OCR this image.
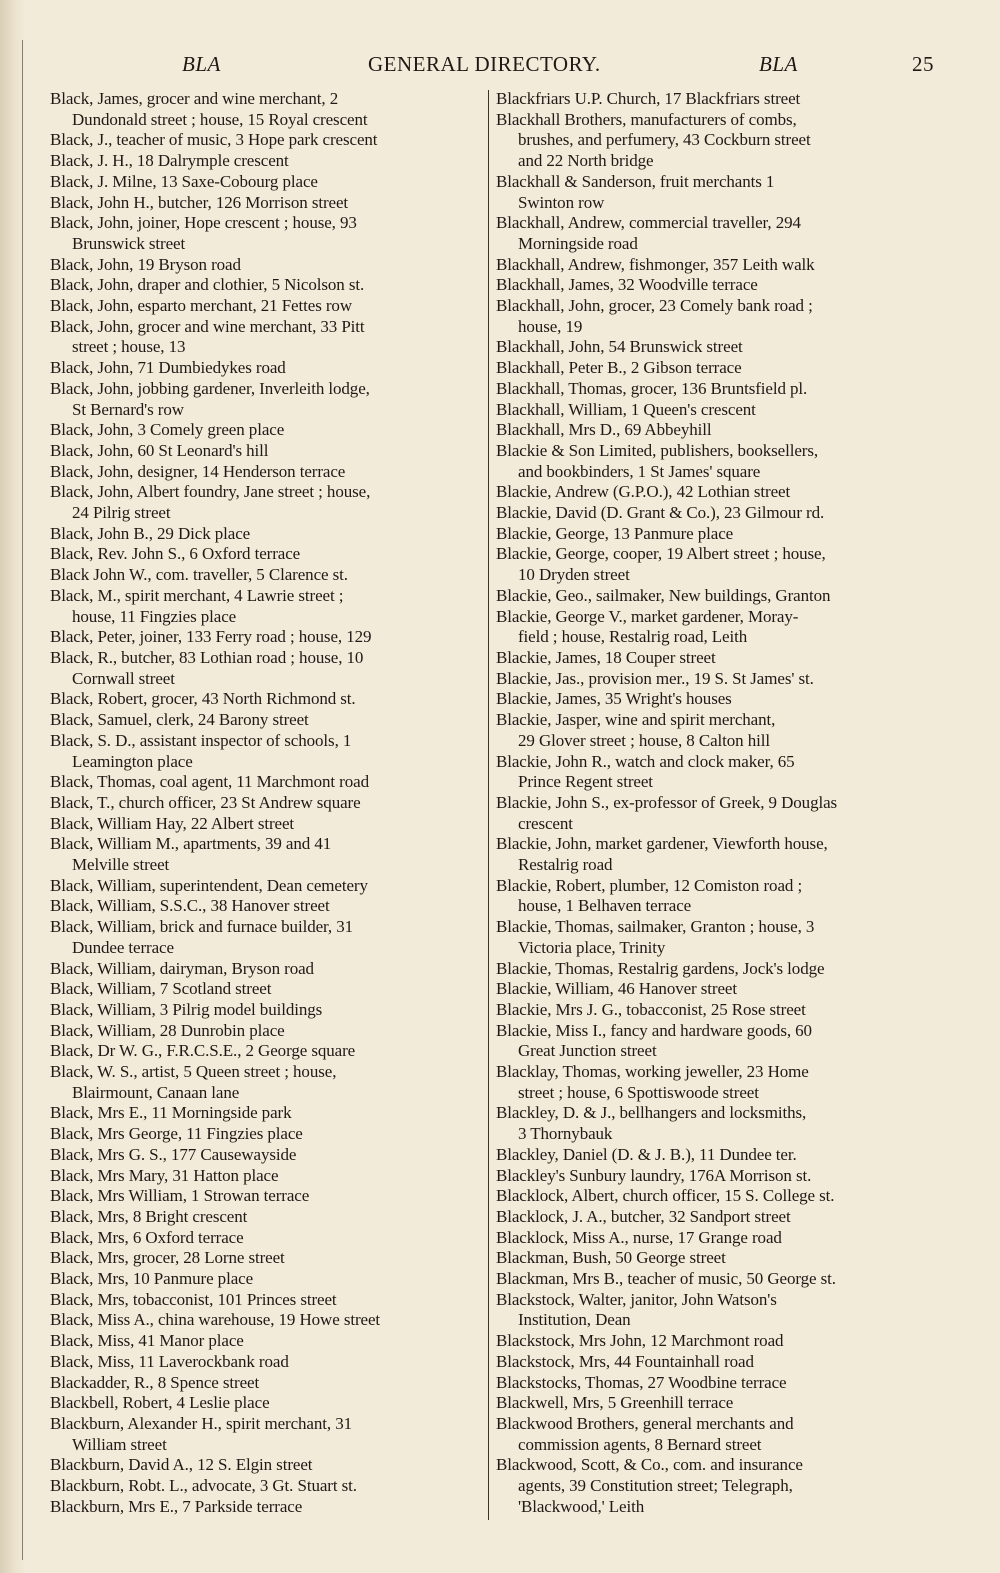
BLA	GENERAL DIRECTORY.	BLA	25
Black, James, grocer and wine merchant, 2
Dundonald street ; house, 15 Royal crescent
Black, J., teacher of music, 3 Hope park crescent
Black, J. H., 18 Dalrymple crescent
Black, J. Milne, 13 Saxe-Cobourg place
Black, John H., butcher, 126 Morrison street
Black, John, joiner, Hope crescent ; house, 93
Brunswick street
Black, John, 19 Bryson road
Black, John, draper and clothier, 5 Nicolson st.
Black, John, esparto merchant, 21 Fettes row
Black, John, grocer and wine merchant, 33 Pitt
street ; house, 13
Black, John, 71 Dumbiedykes road
Black, John, jobbing gardener, Inverleith lodge,
St Bernard's row
Black, John, 3 Comely green place
Black, John, 60 St Leonard's hill
Black, John, designer, 14 Henderson terrace
Black, John, Albert foundry, Jane street ; house,
24 Pilrig street
Black, John B., 29 Dick place
Black, Rev. John S., 6 Oxford terrace
Black John W., com. traveller, 5 Clarence st.
Black, M., spirit merchant, 4 Lawrie street ;
house, 11 Fingzies place
Black, Peter, joiner, 133 Ferry road ; house, 129
Black, R., butcher, 83 Lothian road ; house, 10
Cornwall street
Black, Robert, grocer, 43 North Richmond st.
Black, Samuel, clerk, 24 Barony street
Black, S. D., assistant inspector of schools, 1
Leamington place
Black, Thomas, coal agent, 11 Marchmont road
Black, T., church officer, 23 St Andrew square
Black, William Hay, 22 Albert street
Black, William M., apartments, 39 and 41
Melville street
Black, William, superintendent, Dean cemetery
Black, William, S.S.C., 38 Hanover street
Black, William, brick and furnace builder, 31
Dundee terrace
Black, William, dairyman, Bryson road
Black, William, 7 Scotland street
Black, William, 3 Pilrig model buildings
Black, William, 28 Dunrobin place
Black, Dr W. G., F.R.C.S.E., 2 George square
Black, W. S., artist, 5 Queen street ; house,
Blairmount, Canaan lane
Black, Mrs E., 11 Morningside park
Black, Mrs George, 11 Fingzies place
Black, Mrs G. S., 177 Causewayside
Black, Mrs Mary, 31 Hatton place
Black, Mrs William, 1 Strowan terrace
Black, Mrs, 8 Bright crescent
Black, Mrs, 6 Oxford terrace
Black, Mrs, grocer, 28 Lorne street
Black, Mrs, 10 Panmure place
Black, Mrs, tobacconist, 101 Princes street
Black, Miss A., china warehouse, 19 Howe street
Black, Miss, 41 Manor place
Black, Miss, 11 Laverockbank road
Blackadder, R., 8 Spence street
Blackbell, Robert, 4 Leslie place
Blackburn, Alexander H., spirit merchant, 31
William street
Blackburn, David A., 12 S. Elgin street
Blackburn, Robt. L., advocate, 3 Gt. Stuart st.
Blackburn, Mrs E., 7 Parkside terrace
Blackfriars U.P. Church, 17 Blackfriars street
Blackhall Brothers, manufacturers of combs,
brushes, and perfumery, 43 Cockburn street
and 22 North bridge
Blackhall & Sanderson, fruit merchants 1
Swinton row
Blackhall, Andrew, commercial traveller, 294
Morningside road
Blackhall, Andrew, fishmonger, 357 Leith walk
Blackhall, James, 32 Woodville terrace
Blackhall, John, grocer, 23 Comely bank road ;
house, 19
Blackhall, John, 54 Brunswick street
Blackhall, Peter B., 2 Gibson terrace
Blackhall, Thomas, grocer, 136 Bruntsfield pl.
Blackhall, William, 1 Queen's crescent
Blackhall, Mrs D., 69 Abbeyhill
Blackie & Son Limited, publishers, booksellers,
and bookbinders, 1 St James' square
Blackie, Andrew (G.P.O.), 42 Lothian street
Blackie, David (D. Grant & Co.), 23 Gilmour rd.
Blackie, George, 13 Panmure place
Blackie, George, cooper, 19 Albert street ; house,
10 Dryden street
Blackie, Geo., sailmaker, New buildings, Granton
Blackie, George V., market gardener, Moray-
field ; house, Restalrig road, Leith
Blackie, James, 18 Couper street
Blackie, Jas., provision mer., 19 S. St James' st.
Blackie, James, 35 Wright's houses
Blackie, Jasper, wine and spirit merchant,
29 Glover street ; house, 8 Calton hill
Blackie, John R., watch and clock maker, 65
Prince Regent street
Blackie, John S., ex-professor of Greek, 9 Douglas
crescent
Blackie, John, market gardener, Viewforth house,
Restalrig road
Blackie, Robert, plumber, 12 Comiston road ;
house, 1 Belhaven terrace
Blackie, Thomas, sailmaker, Granton ; house, 3
Victoria place, Trinity
Blackie, Thomas, Restalrig gardens, Jock's lodge
Blackie, William, 46 Hanover street
Blackie, Mrs J. G., tobacconist, 25 Rose street
Blackie, Miss I., fancy and hardware goods, 60
Great Junction street
Blacklay, Thomas, working jeweller, 23 Home
street ; house, 6 Spottiswoode street
Blackley, D. & J., bellhangers and locksmiths,
3 Thornybauk
Blackley, Daniel (D. & J. B.), 11 Dundee ter.
Blackley's Sunbury laundry, 176A Morrison st.
Blacklock, Albert, church officer, 15 S. College st.
Blacklock, J. A., butcher, 32 Sandport street
Blacklock, Miss A., nurse, 17 Grange road
Blackman, Bush, 50 George street
Blackman, Mrs B., teacher of music, 50 George st.
Blackstock, Walter, janitor, John Watson's
Institution, Dean
Blackstock, Mrs John, 12 Marchmont road
Blackstock, Mrs, 44 Fountainhall road
Blackstocks, Thomas, 27 Woodbine terrace
Blackwell, Mrs, 5 Greenhill terrace
Blackwood Brothers, general merchants and
commission agents, 8 Bernard street
Blackwood, Scott, & Co., com. and insurance
agents, 39 Constitution street; Telegraph,
'Blackwood,' Leith
